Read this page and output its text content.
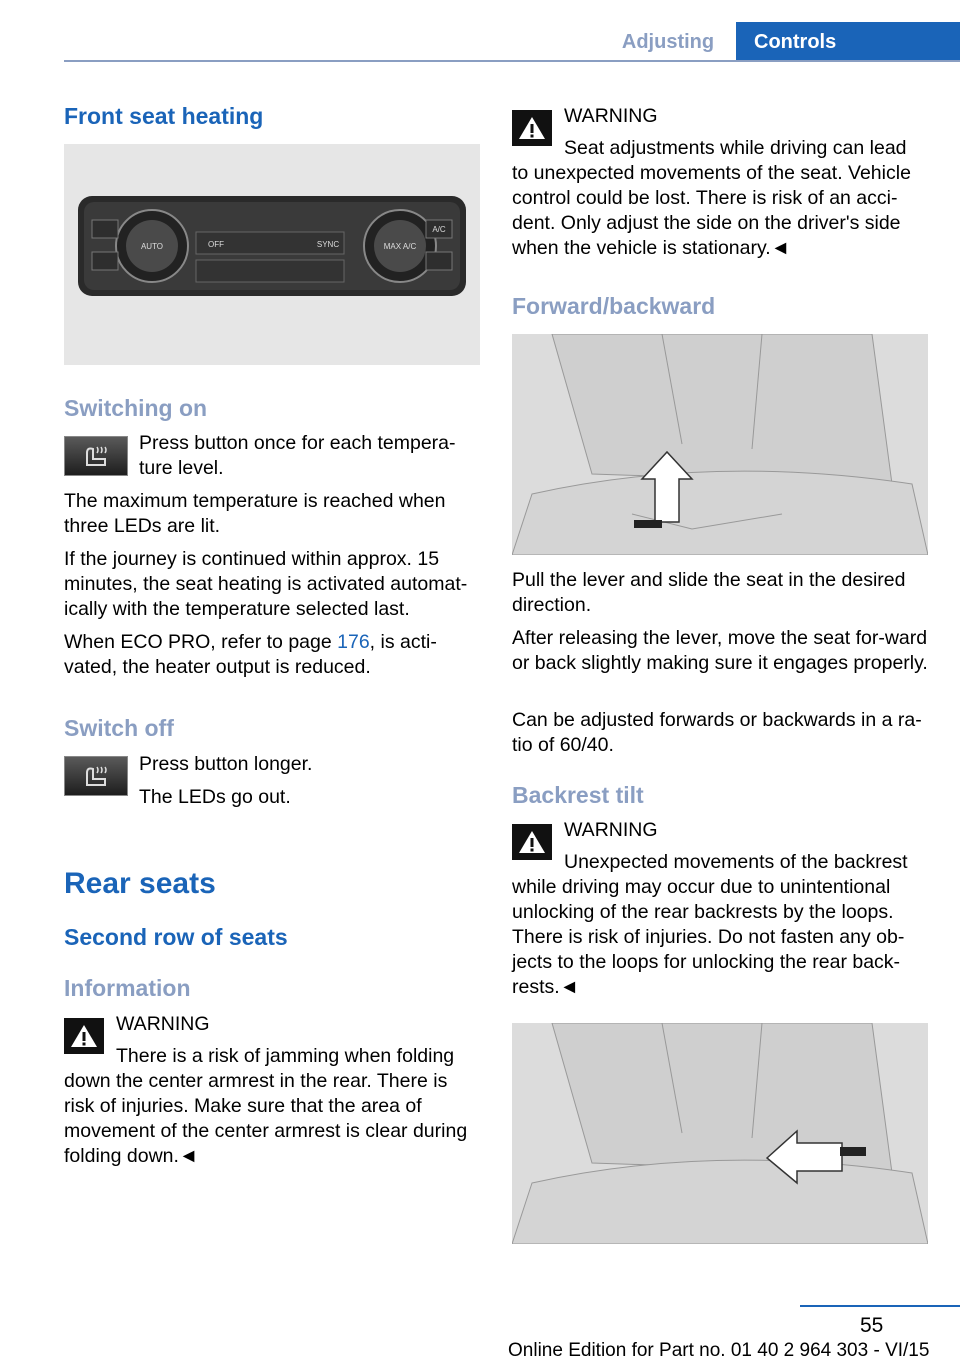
Adjusting	Controls
Front seat heating
AUTO	OFF	SYNC	MAX A/C
A/C
Switching on

Press button once for each tempera-ture level.

The maximum temperature is reached when three LEDs are lit.

If the journey is continued within approx. 15 minutes, the seat heating is activated automat-ically with the temperature selected last.

When ECO PRO, refer to page 176, is acti-vated, the heater output is reduced.

Switch off

Press button longer.

The LEDs go out.

Rear seats
Second row of seats
Information

WARNING

There is a risk of jamming when folding

down the center armrest in the rear. There is risk of injuries. Make sure that the area of movement of the center armrest is clear during folding down.◄

WARNING

Seat adjustments while driving can lead

to unexpected movements of the seat. Vehicle control could be lost. There is risk of an acci-dent. Only adjust the side on the driver's side when the vehicle is stationary.◄

Forward/backward

Pull the lever and slide the seat in the desired direction.

After releasing the lever, move the seat for-ward or back slightly making sure it engages properly.

Can be adjusted forwards or backwards in a ra-tio of 60/40.

Backrest tilt

WARNING

Unexpected movements of the backrest

while driving may occur due to unintentional unlocking of the rear backrests by the loops. There is risk of injuries. Do not fasten any ob-jects to the loops for unlocking the rear back-rests.◄

55
Online Edition for Part no. 01 40 2 964 303 - VI/15
